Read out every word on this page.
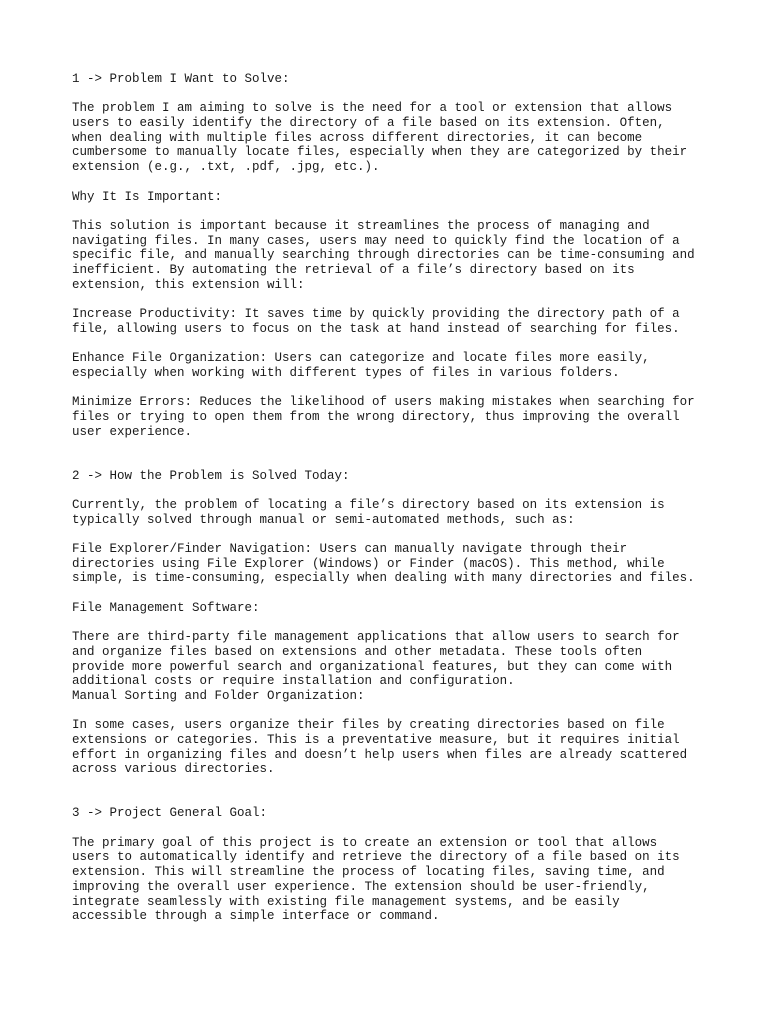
1 -> Problem I Want to Solve:
The problem I am aiming to solve is the need for a tool or extension that allows
users to easily identify the directory of a file based on its extension. Often,
when dealing with multiple files across different directories, it can become
cumbersome to manually locate files, especially when they are categorized by their
extension (e.g., .txt, .pdf, .jpg, etc.).
Why It Is Important:
This solution is important because it streamlines the process of managing and
navigating files. In many cases, users may need to quickly find the location of a
specific file, and manually searching through directories can be time-consuming and
inefficient. By automating the retrieval of a file’s directory based on its
extension, this extension will:
Increase Productivity: It saves time by quickly providing the directory path of a
file, allowing users to focus on the task at hand instead of searching for files.
Enhance File Organization: Users can categorize and locate files more easily,
especially when working with different types of files in various folders.
Minimize Errors: Reduces the likelihood of users making mistakes when searching for
files or trying to open them from the wrong directory, thus improving the overall
user experience.
2 -> How the Problem is Solved Today:
Currently, the problem of locating a file’s directory based on its extension is
typically solved through manual or semi-automated methods, such as:
File Explorer/Finder Navigation: Users can manually navigate through their
directories using File Explorer (Windows) or Finder (macOS). This method, while
simple, is time-consuming, especially when dealing with many directories and files.
File Management Software:
There are third-party file management applications that allow users to search for
and organize files based on extensions and other metadata. These tools often
provide more powerful search and organizational features, but they can come with
additional costs or require installation and configuration.
Manual Sorting and Folder Organization:
In some cases, users organize their files by creating directories based on file
extensions or categories. This is a preventative measure, but it requires initial
effort in organizing files and doesn’t help users when files are already scattered
across various directories.
3 -> Project General Goal:
The primary goal of this project is to create an extension or tool that allows
users to automatically identify and retrieve the directory of a file based on its
extension. This will streamline the process of locating files, saving time, and
improving the overall user experience. The extension should be user-friendly,
integrate seamlessly with existing file management systems, and be easily
accessible through a simple interface or command.
